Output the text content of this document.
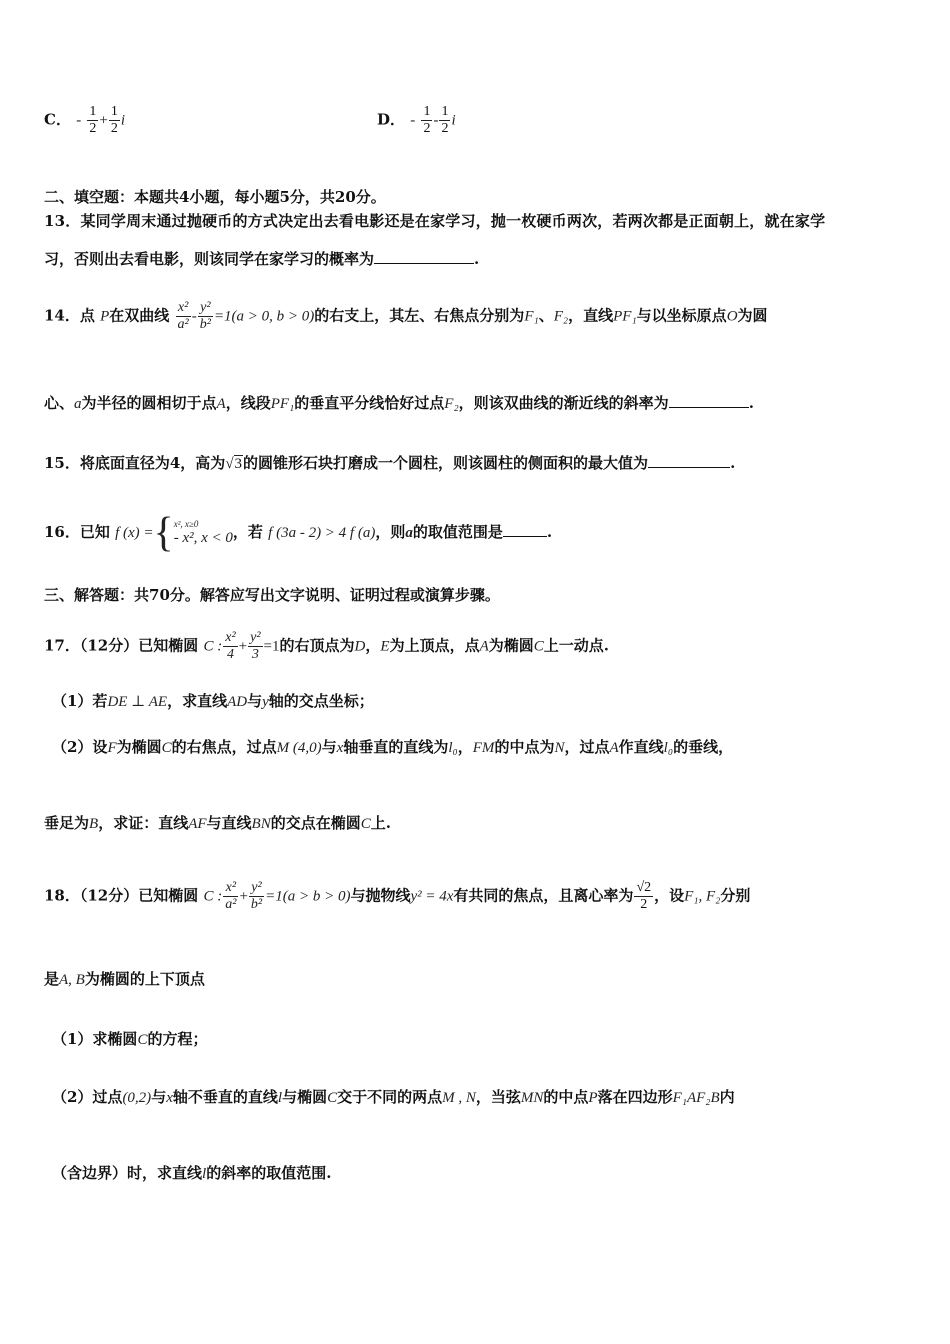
C． - $\frac{1}{2} + \frac{1}{2}$ i	D． - $\frac{1}{2} - \frac{1}{2}$ i
二、填空题：本题共4小题，每小题5分，共20分。
13．某同学周末通过抛硬币的方式决定出去看电影还是在家学习，抛一枚硬币两次，若两次都是正面朝上，就在家学
习，否则出去看电影，则该同学在家学习的概率为	.
14．点 P在双曲线 $\frac{\text{x²}}{\text{a²}} - \frac{\text{y²}}{\text{b²}} =1(a > 0$, b > 0)的右支上，其左、右焦点分别为F₁、F₂，直线PF₁与以坐标原点O为圆
心、a为半径的圆相切于点A，线段PF₁的垂直平分线恰好过点F₂，则该双曲线的渐近线的斜率为	.
15．将底面直径为4，高为√3的圆锥形石块打磨成一个圆柱，则该圆柱的侧面积的最大值为	.
16．已知 f (x) ={ x², x≥0
- x², x < 0 ，若 f (3a - 2) > 4 f (a)，则a的取值范围是	.
三、解答题：共70分。解答应写出文字说明、证明过程或演算步骤。
17．（12分）已知椭圆 C : $\frac{\text{x²}}{4} + \frac{\text{y²}}{3} =1$的右顶点为D，E为上顶点，点A为椭圆C上一动点.
（1）若DE ⊥ AE，求直线AD与y轴的交点坐标；
（2）设F为椭圆C的右焦点，过点M (4,0)与x轴垂直的直线为l₀，FM的中点为N，过点A作直线l₀的垂线，
垂足为B，求证：直线AF与直线BN的交点在椭圆C上.
18．（12分）已知椭圆 C : $\frac{\text{x²}}{\text{a²}} + \frac{\text{y²}}{\text{b²}} =1(a > b > 0)$与抛物线y² = 4x有共同的焦点，且离心率为 $\frac{√2}{2}$ ，设F₁, F₂分别
是A, B为椭圆的上下顶点
（1）求椭圆C的方程；
（2）过点(0,2)与x轴不垂直的直线l与椭圆C交于不同的两点M , N，当弦MN的中点P落在四边形F₁AF₂B内
（含边界）时，求直线l的斜率的取值范围.
